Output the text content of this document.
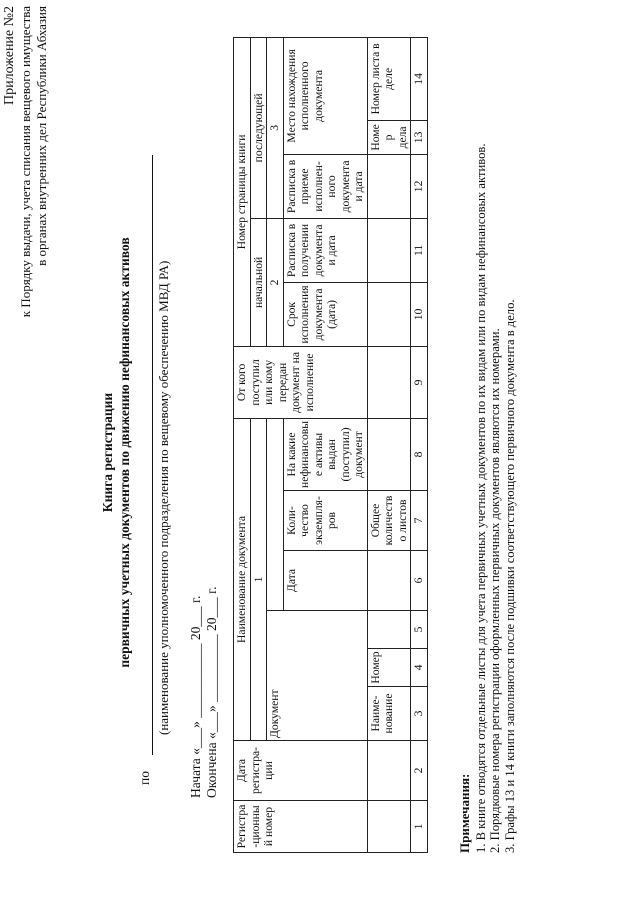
Приложение №2 к Порядку выдачи, учета списания вещевого имущества в органах внутренних дел Республики Абхазия
Книга регистрации первичных учетных документов по движению нефинансовых активов
по
(наименование уполномоченного подразделения по вещевому обеспечению МВД РА) Начата «___» ___________ 20___ г. Окончена «___» __________ 20___ г.
Регистра-ционный номер	Дата регистра-ции	Наименование документа						От кого поступил или кому передан документ на исполнение	Номер страницы книги				
		1							начальной		последующей		
		Документ							2		3		
					Дата	Коли-чество экземпля-ров	На какие нефинансовые активы выдан (поступил) документ		Срок исполнения документа (дата)	Расписка в получении документа и дата	Расписка в приеме исполнен-ного документа и дата	Место нахождения исполненного документа	
		Наиме-нование	Номер			Общее количество листов						Номер дела	Номер листа в деле
1	2	3	4	5	6	7	8	9	10	11	12	13	14
Примечания: 1. В книге отводятся отдельные листы для учета первичных учетных документов по их видам или по видам нефинансовых активов. 2. Порядковые номера регистрации оформленных первичных документов являются их номерами. 3. Графы 13 и 14 книги заполняются после подшивки соответствующего первичного документа в дело.
